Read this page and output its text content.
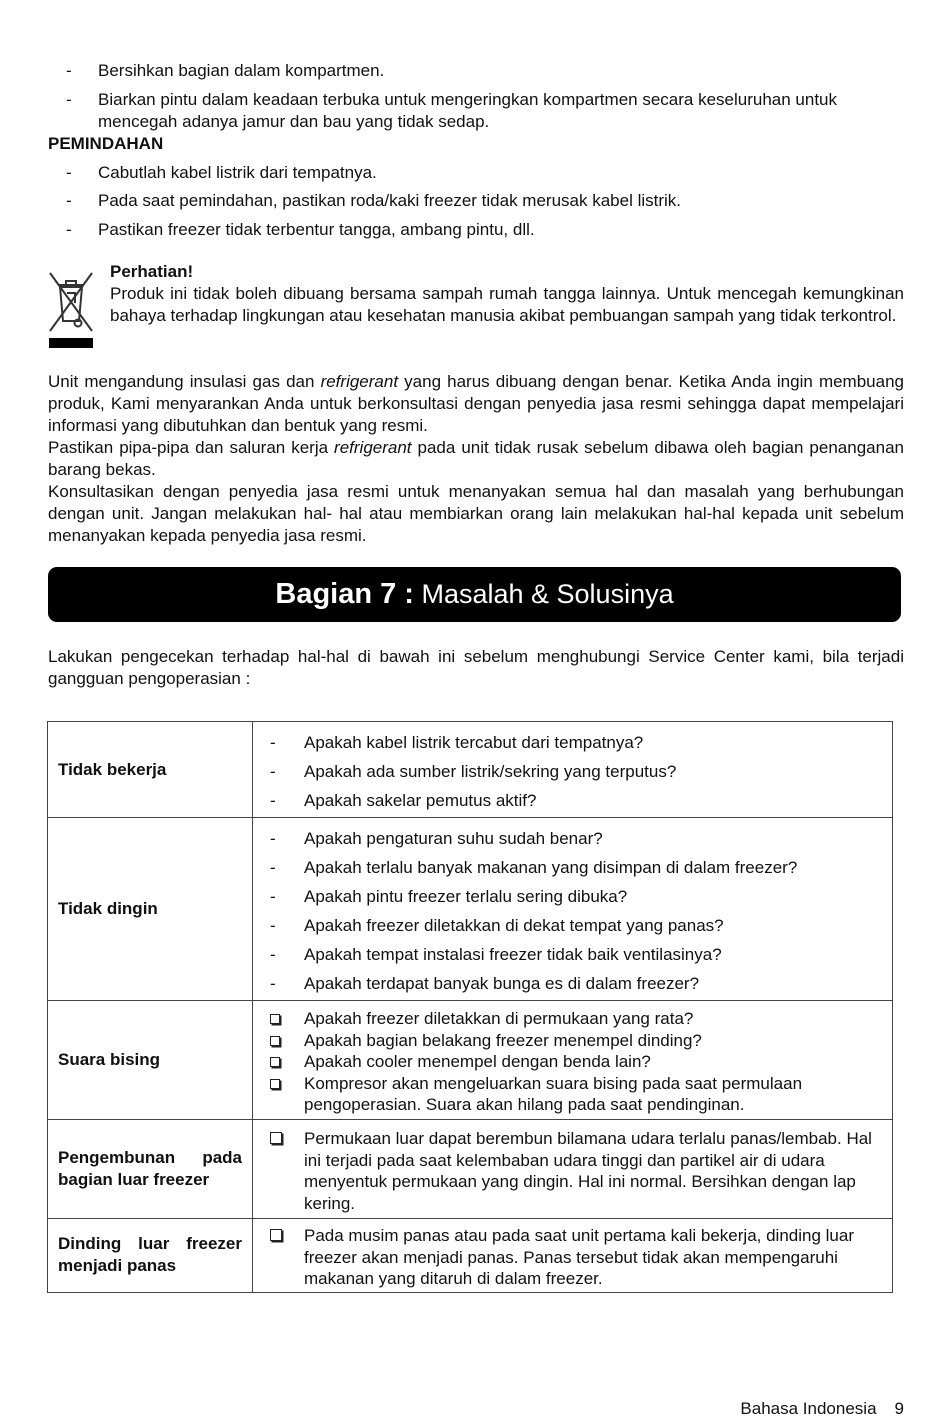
- Bersihkan bagian dalam kompartmen.
- Biarkan pintu dalam keadaan terbuka untuk mengeringkan kompartmen secara keseluruhan untuk mencegah adanya jamur dan bau yang tidak sedap.
PEMINDAHAN
- Cabutlah kabel listrik dari tempatnya.
- Pada saat pemindahan, pastikan roda/kaki freezer tidak merusak kabel listrik.
- Pastikan freezer tidak terbentur tangga, ambang pintu, dll.
Perhatian!
Produk ini tidak boleh dibuang bersama sampah rumah tangga lainnya. Untuk mencegah kemungkinan bahaya terhadap lingkungan atau kesehatan manusia akibat pembuangan sampah yang tidak terkontrol.
Unit mengandung insulasi gas dan refrigerant yang harus dibuang dengan benar. Ketika Anda ingin membuang produk, Kami menyarankan Anda untuk berkonsultasi dengan penyedia jasa resmi sehingga dapat mempelajari informasi yang dibutuhkan dan bentuk yang resmi.
Pastikan pipa-pipa dan saluran kerja refrigerant pada unit tidak rusak sebelum dibawa oleh bagian penanganan barang bekas.
Konsultasikan dengan penyedia jasa resmi untuk menanyakan semua hal dan masalah yang berhubungan dengan unit. Jangan melakukan hal- hal atau membiarkan orang lain melakukan hal-hal kepada unit sebelum menanyakan kepada penyedia jasa resmi.
Bagian 7 : Masalah & Solusinya
Lakukan pengecekan terhadap hal-hal di bawah ini sebelum menghubungi Service Center kami, bila terjadi gangguan pengoperasian :
Tidak bekerja	
- Apakah kabel listrik tercabut dari tempatnya?
- Apakah ada sumber listrik/sekring yang terputus?
- Apakah sakelar pemutus aktif?

Tidak dingin	
- Apakah pengaturan suhu sudah benar?
- Apakah terlalu banyak makanan yang disimpan di dalam freezer?
- Apakah pintu freezer terlalu sering dibuka?
- Apakah freezer diletakkan di dekat tempat yang panas?
- Apakah tempat instalasi freezer tidak baik ventilasinya?
- Apakah terdapat banyak bunga es di dalam freezer?

Suara bising	Apakah freezer diletakkan di permukaan yang rata?
Apakah bagian belakang freezer menempel dinding?
Apakah cooler menempel dengan benda lain?
Kompresor akan mengeluarkan suara bising pada saat permulaan pengoperasian. Suara akan hilang pada saat pendinginan.

Pengembunan pada bagian luar freezer	Permukaan luar dapat berembun bilamana udara terlalu panas/lembab. Hal ini terjadi pada saat kelembaban udara tinggi dan partikel air di udara menyentuk permukaan yang dingin. Hal ini normal. Bersihkan dengan lap kering.

Dinding luar freezer menjadi panas	Pada musim panas atau pada saat unit pertama kali bekerja, dinding luar freezer akan menjadi panas. Panas tersebut tidak akan mempengaruhi makanan yang ditaruh di dalam freezer.
Bahasa Indonesia 9
